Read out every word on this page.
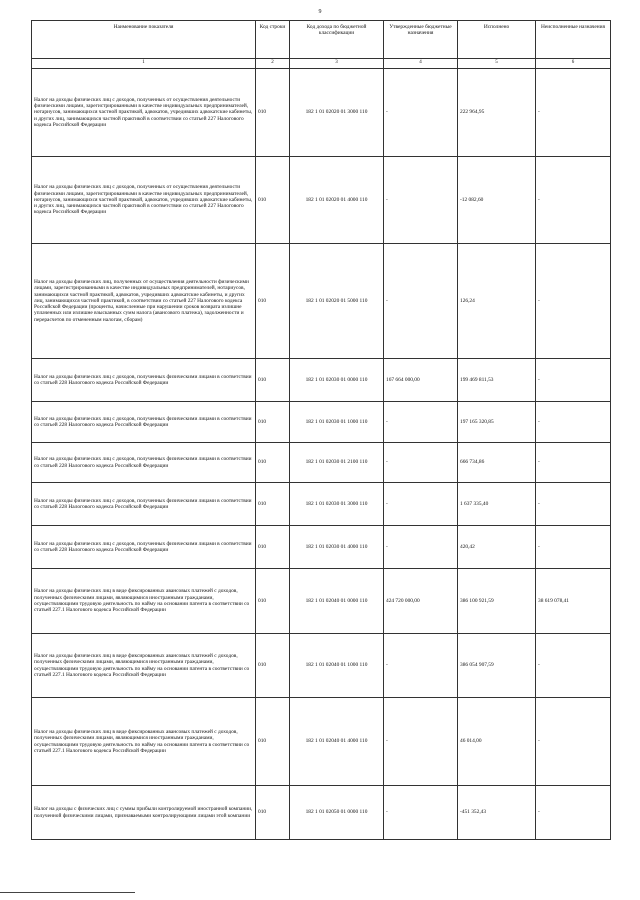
9
Наименование показателя	Код строки	Код дохода по бюджетной классификации	Утвержденные бюджетные назначения	Исполнено	Неисполненные назначения
1	2	3	4	5	6
Налог на доходы физических лиц с доходов, полученных от осуществления деятельности физическими лицами, зарегистрированными в качестве индивидуальных предпринимателей, нотариусов, занимающихся частной практикой, адвокатов, учредивших адвокатские кабинеты, и других лиц, занимающихся частной практикой в соответствии со статьей 227 Налогового кодекса Российской Федерации	010	182 1 01 02020 01 3000 110	-	222 964,95	-
Налог на доходы физических лиц с доходов, полученных от осуществления деятельности физическими лицами, зарегистрированными в качестве индивидуальных предпринимателей, нотариусов, занимающихся частной практикой, адвокатов, учредивших адвокатские кабинеты, и других лиц, занимающихся частной практикой в соответствии со статьей 227 Налогового кодекса Российской Федерации	010	182 1 01 02020 01 4000 110	-	-12 082,60	-
Налог на доходы физических лиц, полученных от осуществления деятельности физическими лицами, зарегистрированными в качестве индивидуальных предпринимателей, нотариусов, занимающихся частной практикой, адвокатов, учредивших адвокатские кабинеты, и других лиц, занимающихся частной практикой, в соответствии со статьей 227 Налогового кодекса Российской Федерации (проценты, начисленные при нарушении сроков возврата излишне уплаченных или излишне взысканных сумм налога (авансового платежа), задолженности и перерасчетов по отмененным налогам, сборам)	010	182 1 01 02020 01 5000 110	-	126,24	-
Налог на доходы физических лиц с доходов, полученных физическими лицами в соответствии со статьей 228 Налогового кодекса Российской Федерации	010	182 1 01 02030 01 0000 110	167 664 000,00	199 469 811,53	-
Налог на доходы физических лиц с доходов, полученных физическими лицами в соответствии со статьей 228 Налогового кодекса Российской Федерации	010	182 1 01 02030 01 1000 110	-	197 165 320,85	-
Налог на доходы физических лиц с доходов, полученных физическими лицами в соответствии со статьей 228 Налогового кодекса Российской Федерации	010	182 1 01 02030 01 2100 110	-	666 734,86	-
Налог на доходы физических лиц с доходов, полученных физическими лицами в соответствии со статьей 228 Налогового кодекса Российской Федерации	010	182 1 01 02030 01 3000 110	-	1 637 335,40	-
Налог на доходы физических лиц с доходов, полученных физическими лицами в соответствии со статьей 228 Налогового кодекса Российской Федерации	010	182 1 01 02030 01 4000 110	-	420,42	-
Налог на доходы физических лиц в виде фиксированных авансовых платежей с доходов, полученных физическими лицами, являющимися иностранными гражданами, осуществляющими трудовую деятельность по найму на основании патента в соответствии со статьей 227.1 Налогового кодекса Российской Федерации	010	182 1 01 02040 01 0000 110	424 720 000,00	386 100 921,59	38 619 078,41
Налог на доходы физических лиц в виде фиксированных авансовых платежей с доходов, полученных физическими лицами, являющимися иностранными гражданами, осуществляющими трудовую деятельность по найму на основании патента в соответствии со статьей 227.1 Налогового кодекса Российской Федерации	010	182 1 01 02040 01 1000 110	-	386 054 907,59	-
Налог на доходы физических лиц в виде фиксированных авансовых платежей с доходов, полученных физическими лицами, являющимися иностранными гражданами, осуществляющими трудовую деятельность по найму на основании патента в соответствии со статьей 227.1 Налогового кодекса Российской Федерации	010	182 1 01 02040 01 4000 110	-	46 014,00	-
Налог на доходы с физических лиц с суммы прибыли контролируемой иностранной компании, полученной физическими лицами, признаваемыми контролирующими лицами этой компании	010	182 1 01 02050 01 0000 110	-	-451 352,43	-
